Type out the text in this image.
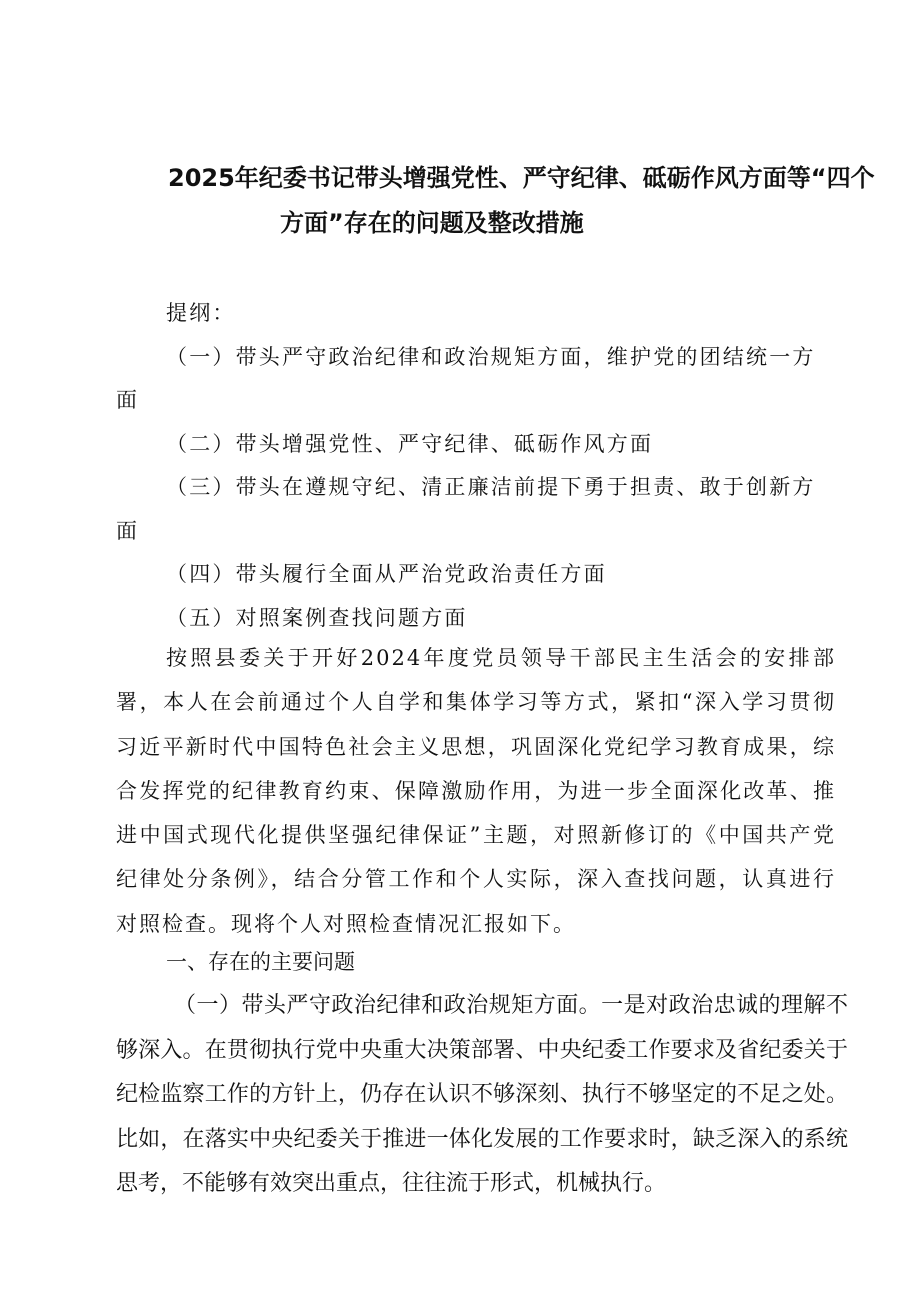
2025年纪委书记带头增强党性、严守纪律、砥砺作风方面等“四个
方面”存在的问题及整改措施

提纲：

（一）带头严守政治纪律和政治规矩方面，维护党的团结统一方面

（二）带头增强党性、严守纪律、砥砺作风方面

（三）带头在遵规守纪、清正廉洁前提下勇于担责、敢于创新方面

（四）带头履行全面从严治党政治责任方面

（五）对照案例查找问题方面

按照县委关于开好2024年度党员领导干部民主生活会的安排部署，本人在会前通过个人自学和集体学习等方式，紧扣“深入学习贯彻习近平新时代中国特色社会主义思想，巩固深化党纪学习教育成果，综合发挥党的纪律教育约束、保障激励作用，为进一步全面深化改革、推进中国式现代化提供坚强纪律保证”主题，对照新修订的《中国共产党纪律处分条例》，结合分管工作和个人实际，深入查找问题，认真进行对照检查。现将个人对照检查情况汇报如下。

一、存在的主要问题

（一）带头严守政治纪律和政治规矩方面。一是对政治忠诚的理解不够深入。在贯彻执行党中央重大决策部署、中央纪委工作要求及省纪委关于纪检监察工作的方针上，仍存在认识不够深刻、执行不够坚定的不足之处。比如，在落实中央纪委关于推进一体化发展的工作要求时，缺乏深入的系统思考，不能够有效突出重点，往往流于形式，机械执行。
